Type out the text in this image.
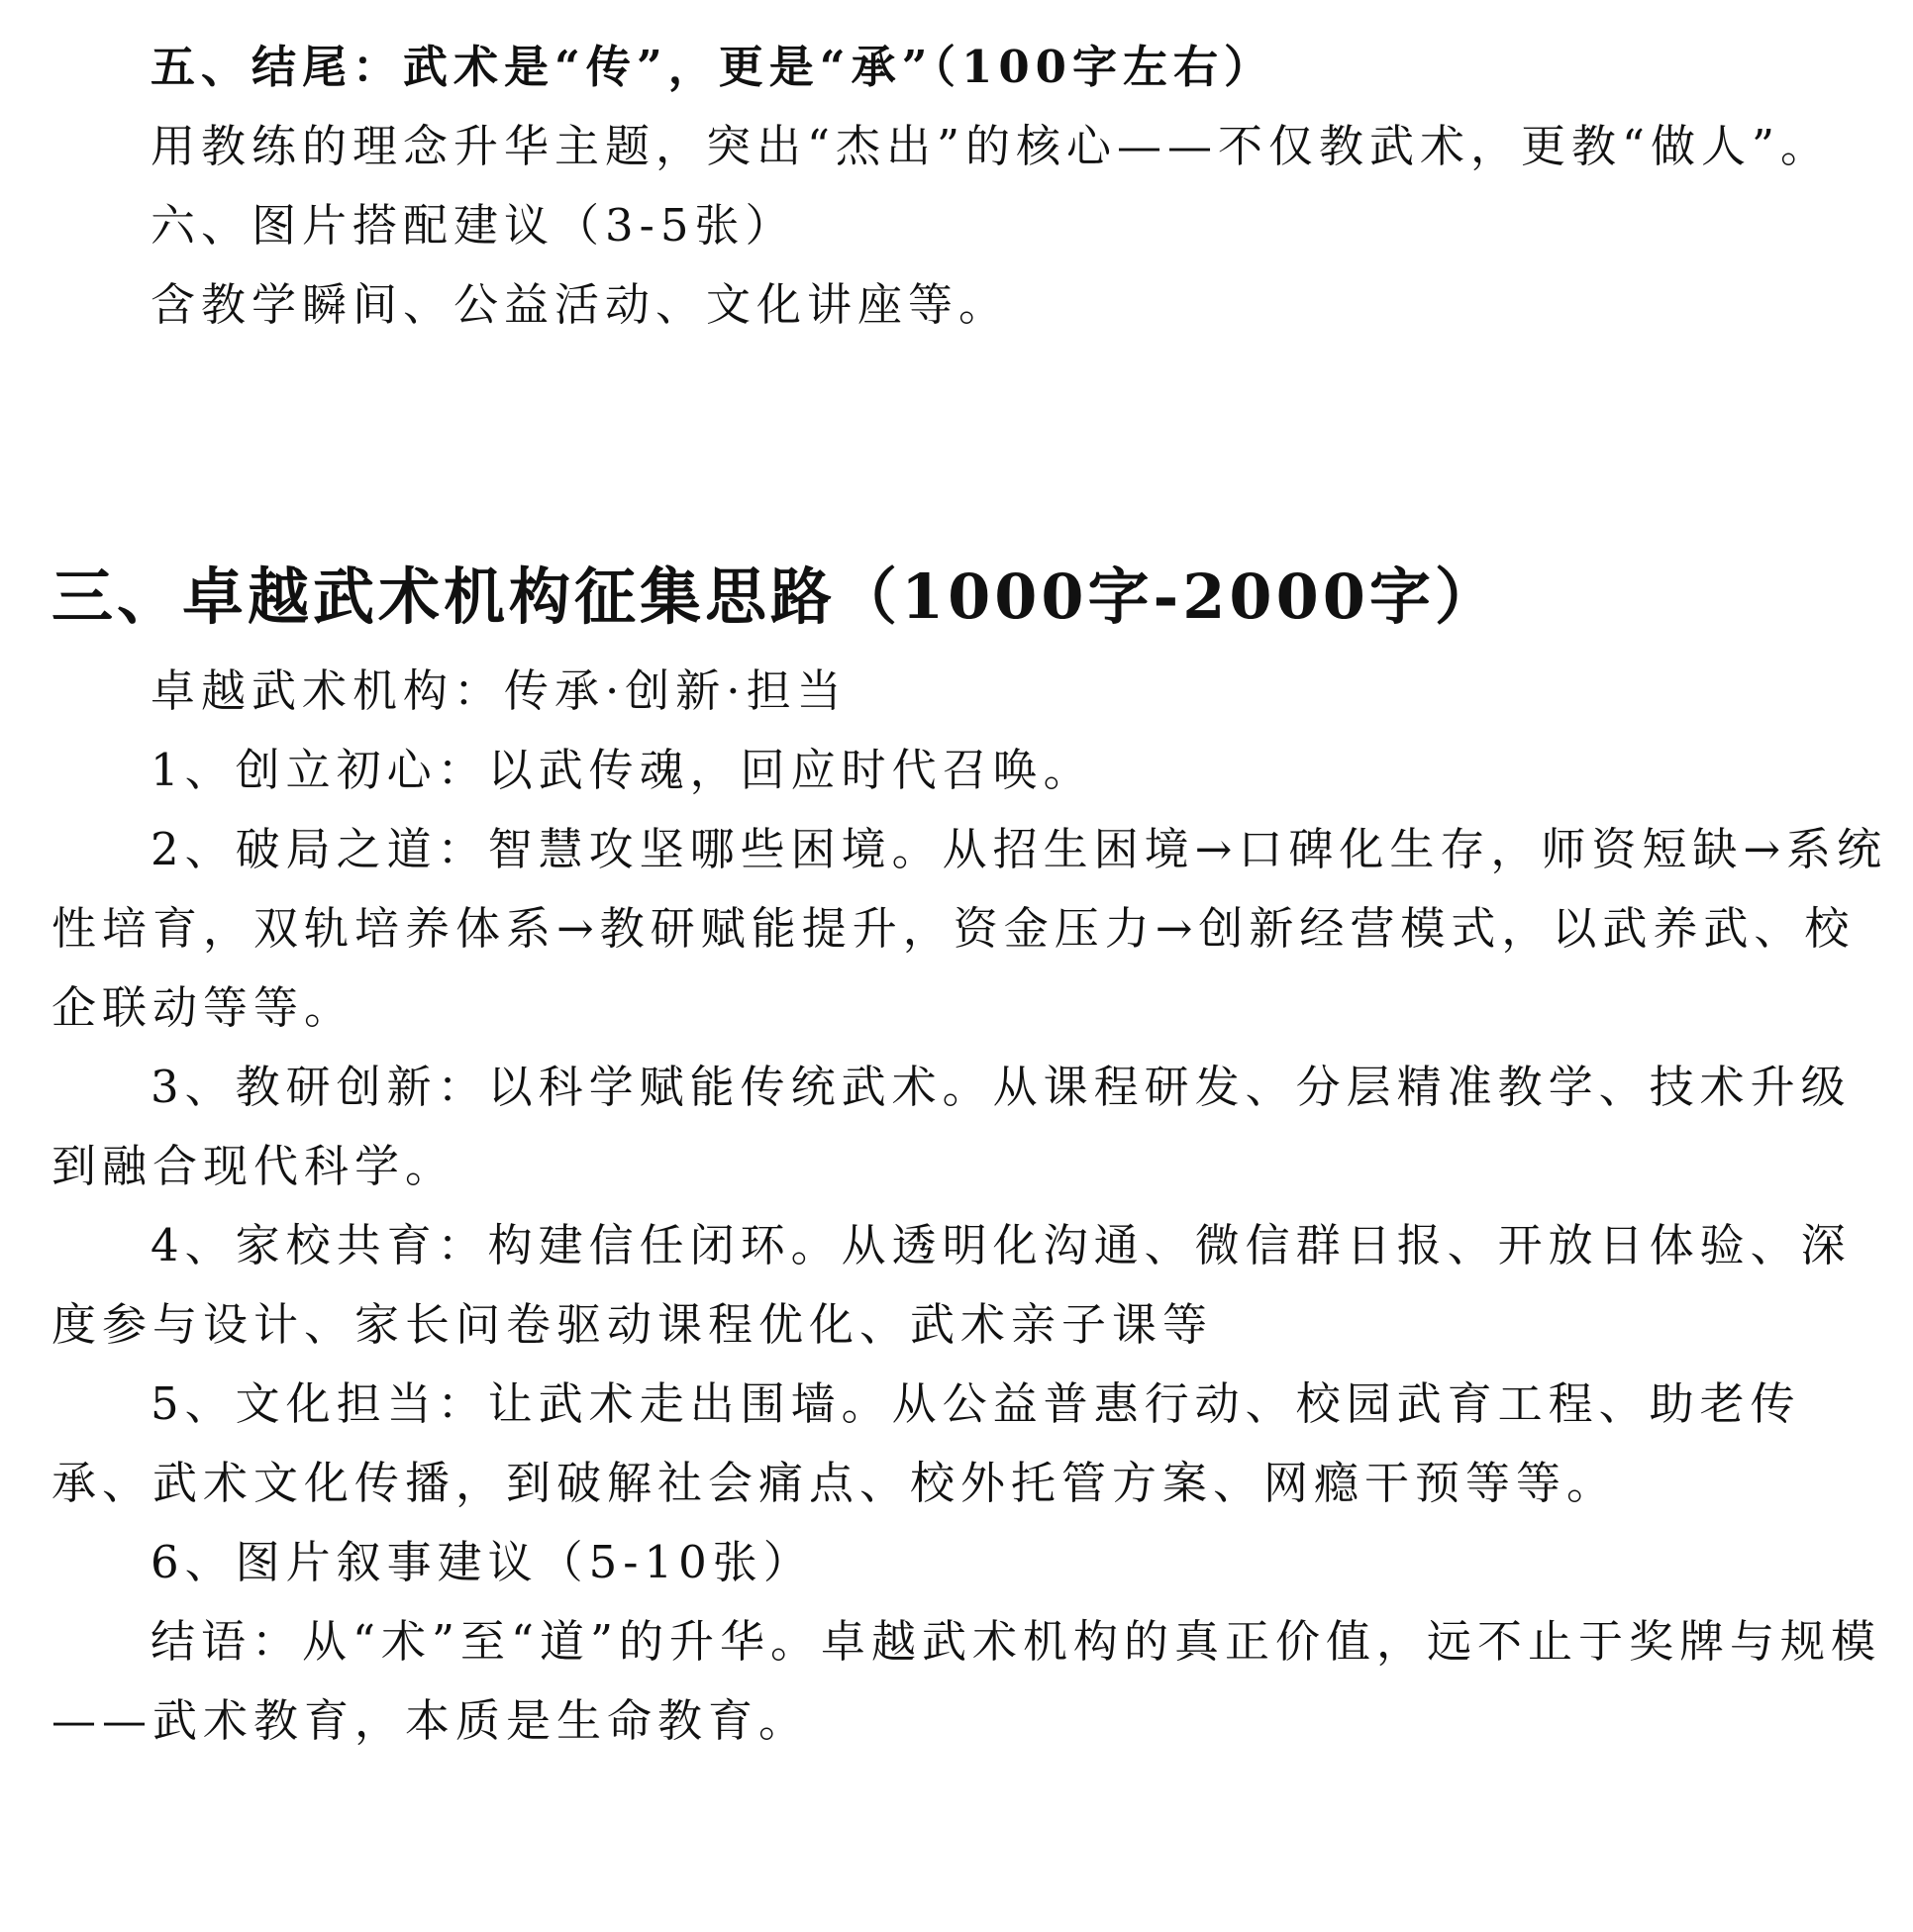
五、结尾：武术是“传”，更是“承”（100字左右）
用教练的理念升华主题，突出“杰出”的核心——不仅教武术，更教“做人”。
六、图片搭配建议（3-5张）
含教学瞬间、公益活动、文化讲座等。
三、卓越武术机构征集思路（1000字-2000字）
卓越武术机构：传承·创新·担当
1、创立初心：以武传魂，回应时代召唤。
2、破局之道：智慧攻坚哪些困境。从招生困境→口碑化生存，师资短缺→系统性培育，双轨培养体系→教研赋能提升，资金压力→创新经营模式，以武养武、校企联动等等。
3、教研创新：以科学赋能传统武术。从课程研发、分层精准教学、技术升级到融合现代科学。
4、家校共育：构建信任闭环。从透明化沟通、微信群日报、开放日体验、深度参与设计、家长问卷驱动课程优化、武术亲子课等
5、文化担当：让武术走出围墙。从公益普惠行动、校园武育工程、助老传承、武术文化传播，到破解社会痛点、校外托管方案、网瘾干预等等。
6、图片叙事建议（5-10张）
结语：从“术”至“道”的升华。卓越武术机构的真正价值，远不止于奖牌与规模——武术教育，本质是生命教育。
